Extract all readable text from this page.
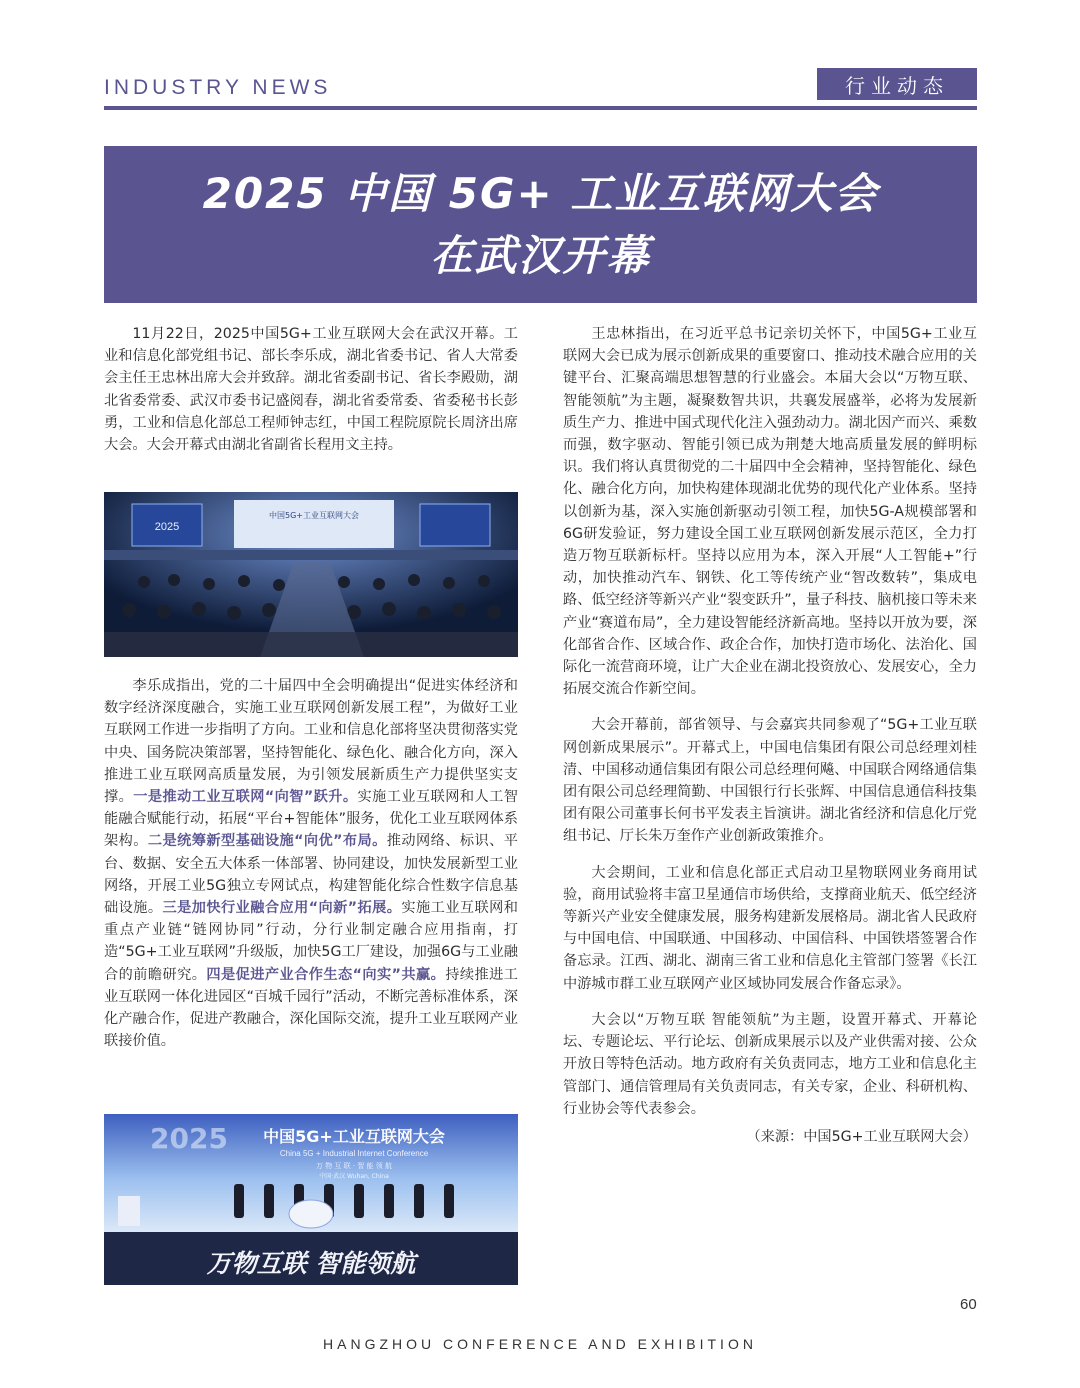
INDUSTRY NEWS	行业动态
2025 中国 5G+ 工业互联网大会
在武汉开幕

11月22日，2025中国5G+工业互联网大会在武汉开幕。工业和信息化部党组书记、部长李乐成，湖北省委书记、省人大常委会主任王忠林出席大会并致辞。湖北省委副书记、省长李殿勋，湖北省委常委、武汉市委书记盛阅春，湖北省委常委、省委秘书长彭勇，工业和信息化部总工程师钟志红，中国工程院原院长周济出席大会。大会开幕式由湖北省副省长程用文主持。

2025
中国5G+工业互联网大会

李乐成指出，党的二十届四中全会明确提出“促进实体经济和数字经济深度融合，实施工业互联网创新发展工程”，为做好工业互联网工作进一步指明了方向。工业和信息化部将坚决贯彻落实党中央、国务院决策部署，坚持智能化、绿色化、融合化方向，深入推进工业互联网高质量发展，为引领发展新质生产力提供坚实支撑。一是推动工业互联网“向智”跃升。实施工业互联网和人工智能融合赋能行动，拓展“平台+智能体”服务，优化工业互联网体系架构。二是统筹新型基础设施“向优”布局。推动网络、标识、平台、数据、安全五大体系一体部署、协同建设，加快发展新型工业网络，开展工业5G独立专网试点，构建智能化综合性数字信息基础设施。三是加快行业融合应用“向新”拓展。实施工业互联网和重点产业链“链网协同”行动，分行业制定融合应用指南，打造“5G+工业互联网”升级版，加快5G工厂建设，加强6G与工业融合的前瞻研究。四是促进产业合作生态“向实”共赢。持续推进工业互联网一体化进园区“百城千园行”活动，不断完善标准体系，深化产融合作，促进产教融合，深化国际交流，提升工业互联网产业联接价值。

2025 中国5G+工业互联网大会
China 5G + Industrial Internet Conference
万 物 互 联 · 智 能 领 航
中国·武汉 Wuhan, China
万物互联 智能领航

王忠林指出，在习近平总书记亲切关怀下，中国5G+工业互联网大会已成为展示创新成果的重要窗口、推动技术融合应用的关键平台、汇聚高端思想智慧的行业盛会。本届大会以“万物互联、智能领航”为主题，凝聚数智共识，共襄发展盛举，必将为发展新质生产力、推进中国式现代化注入强劲动力。湖北因产而兴、乘数而强，数字驱动、智能引领已成为荆楚大地高质量发展的鲜明标识。我们将认真贯彻党的二十届四中全会精神，坚持智能化、绿色化、融合化方向，加快构建体现湖北优势的现代化产业体系。坚持以创新为基，深入实施创新驱动引领工程，加快5G-A规模部署和6G研发验证，努力建设全国工业互联网创新发展示范区，全力打造万物互联新标杆。坚持以应用为本，深入开展“人工智能+”行动，加快推动汽车、钢铁、化工等传统产业“智改数转”，集成电路、低空经济等新兴产业“裂变跃升”，量子科技、脑机接口等未来产业“赛道布局”，全力建设智能经济新高地。坚持以开放为要，深化部省合作、区域合作、政企合作，加快打造市场化、法治化、国际化一流营商环境，让广大企业在湖北投资放心、发展安心，全力拓展交流合作新空间。

大会开幕前，部省领导、与会嘉宾共同参观了“5G+工业互联网创新成果展示”。开幕式上，中国电信集团有限公司总经理刘桂清、中国移动通信集团有限公司总经理何飚、中国联合网络通信集团有限公司总经理简勤、中国银行行长张辉、中国信息通信科技集团有限公司董事长何书平发表主旨演讲。湖北省经济和信息化厅党组书记、厅长朱万奎作产业创新政策推介。

大会期间，工业和信息化部正式启动卫星物联网业务商用试验，商用试验将丰富卫星通信市场供给，支撑商业航天、低空经济等新兴产业安全健康发展，服务构建新发展格局。湖北省人民政府与中国电信、中国联通、中国移动、中国信科、中国铁塔签署合作备忘录。江西、湖北、湖南三省工业和信息化主管部门签署《长江中游城市群工业互联网产业区域协同发展合作备忘录》。

大会以“万物互联 智能领航”为主题，设置开幕式、开幕论坛、专题论坛、平行论坛、创新成果展示以及产业供需对接、公众开放日等特色活动。地方政府有关负责同志，地方工业和信息化主管部门、通信管理局有关负责同志，有关专家，企业、科研机构、行业协会等代表参会。

（来源：中国5G+工业互联网大会）

60
HANGZHOU CONFERENCE AND EXHIBITION
